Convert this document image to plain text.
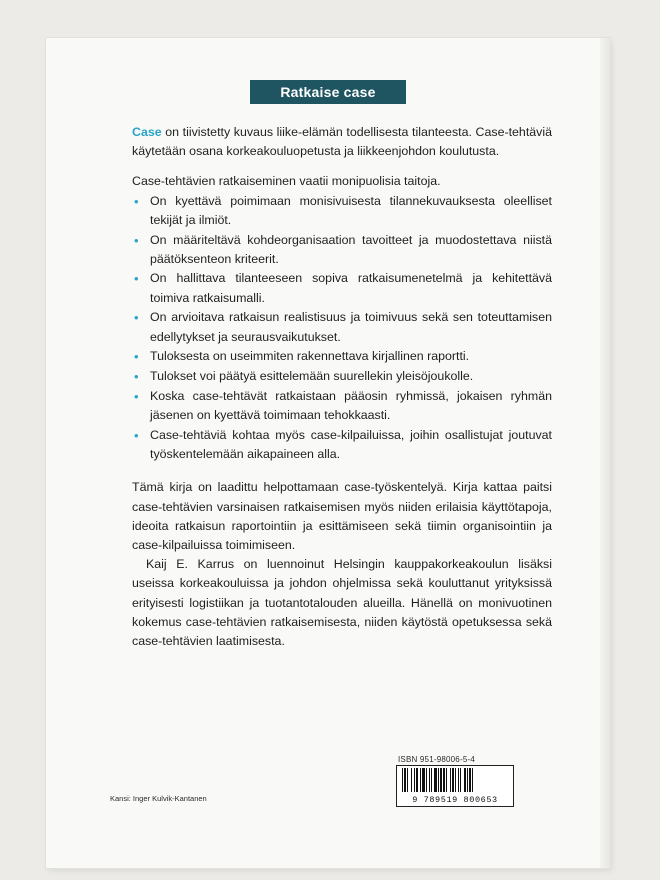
Ratkaise case

Case on tiivistetty kuvaus liike-elämän todellisesta tilanteesta. Case-tehtäviä käytetään osana korkeakouluopetusta ja liikkeenjohdon koulutusta.

Case-tehtävien ratkaiseminen vaatii monipuolisia taitoja.

• On kyettävä poimimaan monisivuisesta tilannekuvauksesta oleelliset tekijät ja ilmiöt.
• On määriteltävä kohdeorganisaation tavoitteet ja muodostettava niistä päätöksenteon kriteerit.
• On hallittava tilanteeseen sopiva ratkaisumenetelmä ja kehitettävä toimiva ratkaisumalli.
• On arvioitava ratkaisun realistisuus ja toimivuus sekä sen toteuttamisen edellytykset ja seurausvaikutukset.
• Tuloksesta on useimmiten rakennettava kirjallinen raportti.
• Tulokset voi päätyä esittelemään suurellekin yleisöjoukolle.
• Koska case-tehtävät ratkaistaan pääosin ryhmissä, jokaisen ryhmän jäsenen on kyettävä toimimaan tehokkaasti.
• Case-tehtäviä kohtaa myös case-kilpailuissa, joihin osallistujat joutuvat työskentelemään aikapaineen alla.

Tämä kirja on laadittu helpottamaan case-työskentelyä. Kirja kattaa paitsi case-tehtävien varsinaisen ratkaisemisen myös niiden erilaisia käyttötapoja, ideoita ratkaisun raportointiin ja esittämiseen sekä tiimin organisointiin ja case-kilpailuissa toimimiseen.

Kaij E. Karrus on luennoinut Helsingin kauppakorkeakoulun lisäksi useissa korkeakouluissa ja johdon ohjelmissa sekä kouluttanut yrityksissä erityisesti logistiikan ja tuotantotalouden alueilla. Hänellä on monivuotinen kokemus case-tehtävien ratkaisemisesta, niiden käytöstä opetuksessa sekä case-tehtävien laatimisesta.

ISBN 951-98006-5-4
9 789519 800653
Kansi: Inger Kulvik-Kantanen
